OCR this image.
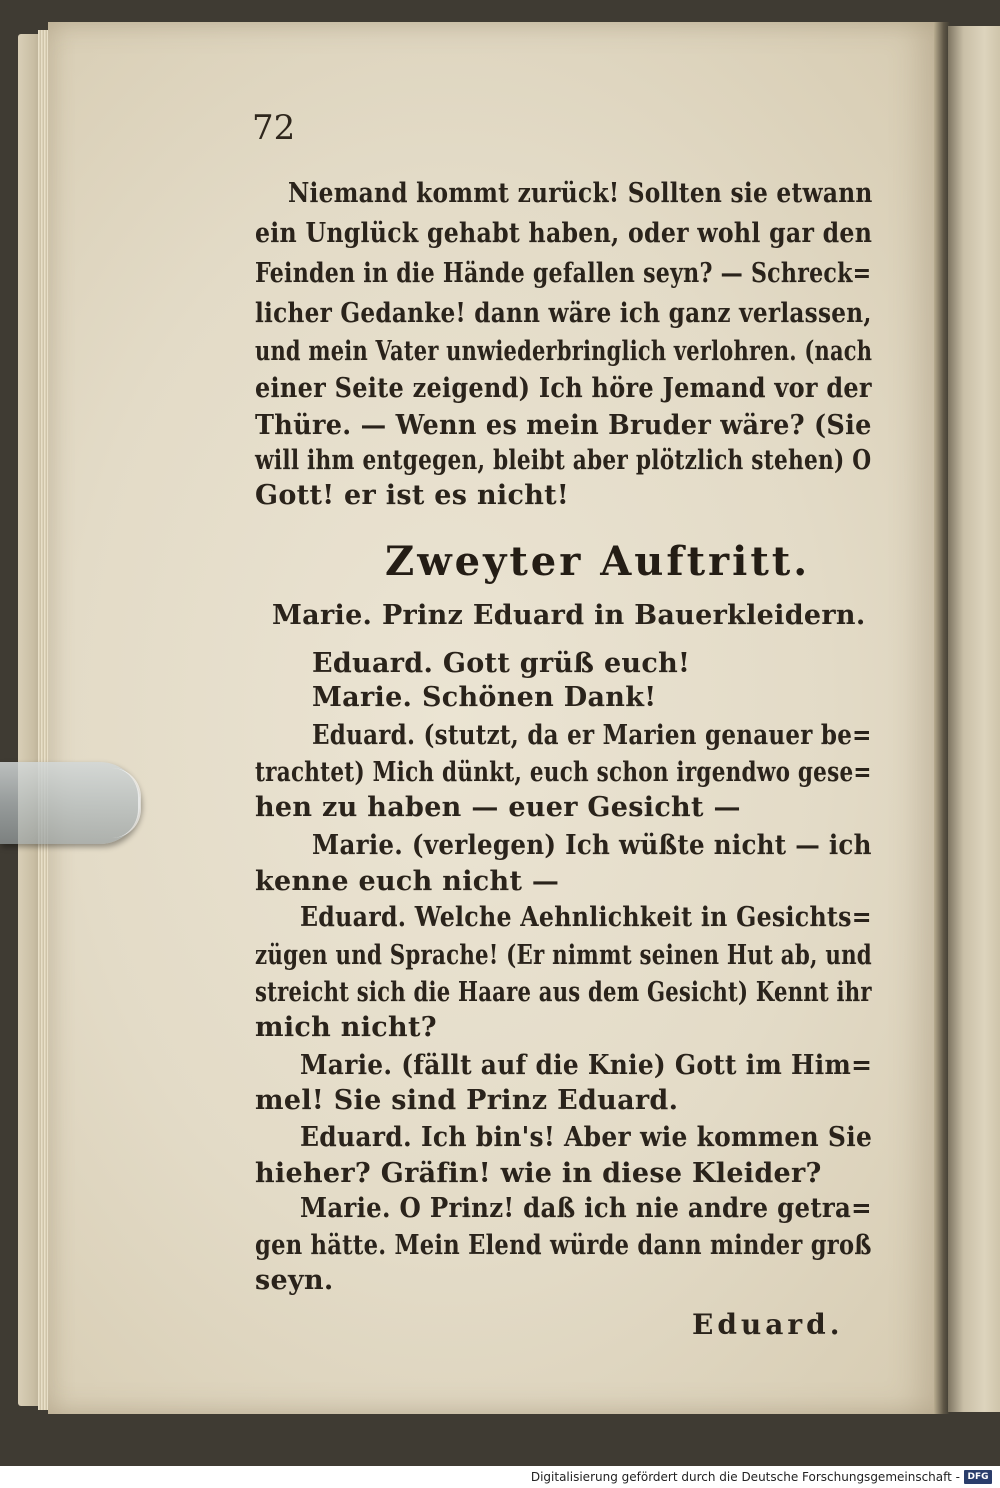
72
Niemand kommt zurück! Sollten sie etwann
ein Unglück gehabt haben, oder wohl gar den
Feinden in die Hände gefallen seyn? — Schreck=
licher Gedanke! dann wäre ich ganz verlassen,
und mein Vater unwiederbringlich verlohren. (nach
einer Seite zeigend) Ich höre Jemand vor der
Thüre. — Wenn es mein Bruder wäre? (Sie
will ihm entgegen, bleibt aber plötzlich stehen) O
Gott! er ist es nicht!
Zweyter Auftritt.
Marie. Prinz Eduard in Bauerkleidern.
Eduard. Gott grüß euch!
Marie. Schönen Dank!
Eduard. (stutzt, da er Marien genauer be=
trachtet) Mich dünkt, euch schon irgendwo gese=
hen zu haben — euer Gesicht —
Marie. (verlegen) Ich wüßte nicht — ich
kenne euch nicht —
Eduard. Welche Aehnlichkeit in Gesichts=
zügen und Sprache! (Er nimmt seinen Hut ab, und
streicht sich die Haare aus dem Gesicht) Kennt ihr
mich nicht?
Marie. (fällt auf die Knie) Gott im Him=
mel! Sie sind Prinz Eduard.
Eduard. Ich bin's! Aber wie kommen Sie
hieher? Gräfin! wie in diese Kleider?
Marie. O Prinz! daß ich nie andre getra=
gen hätte. Mein Elend würde dann minder groß
seyn.
Eduard.
Digitalisierung gefördert durch die Deutsche Forschungsgemeinschaft - DFG
